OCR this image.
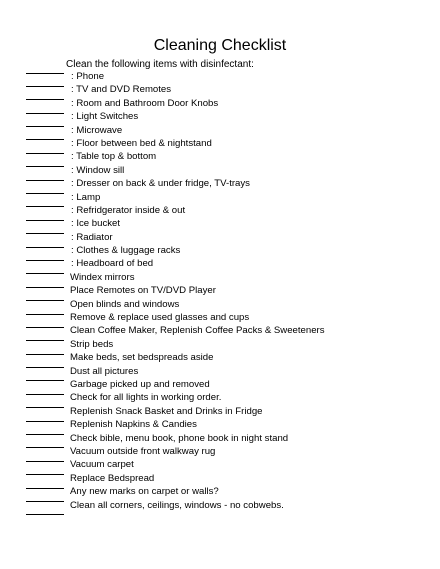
Cleaning Checklist
Clean the following items with disinfectant:
: Phone
: TV and DVD Remotes
: Room and Bathroom Door Knobs
: Light Switches
: Microwave
: Floor between bed & nightstand
: Table top & bottom
: Window sill
: Dresser on back & under fridge, TV-trays
: Lamp
: Refridgerator inside & out
: Ice bucket
: Radiator
: Clothes & luggage racks
: Headboard of bed
Windex mirrors
Place Remotes on TV/DVD Player
Open blinds and windows
Remove & replace used glasses and cups
Clean Coffee Maker, Replenish Coffee Packs & Sweeteners
Strip beds
Make beds, set bedspreads aside
Dust all pictures
Garbage picked up and removed
Check for all lights in working order.
Replenish Snack Basket and Drinks in Fridge
Replenish Napkins & Candies
Check bible, menu book, phone book in night stand
Vacuum outside front walkway rug
Vacuum carpet
Replace Bedspread
Any new marks on carpet or walls?
Clean all corners, ceilings, windows - no cobwebs.
